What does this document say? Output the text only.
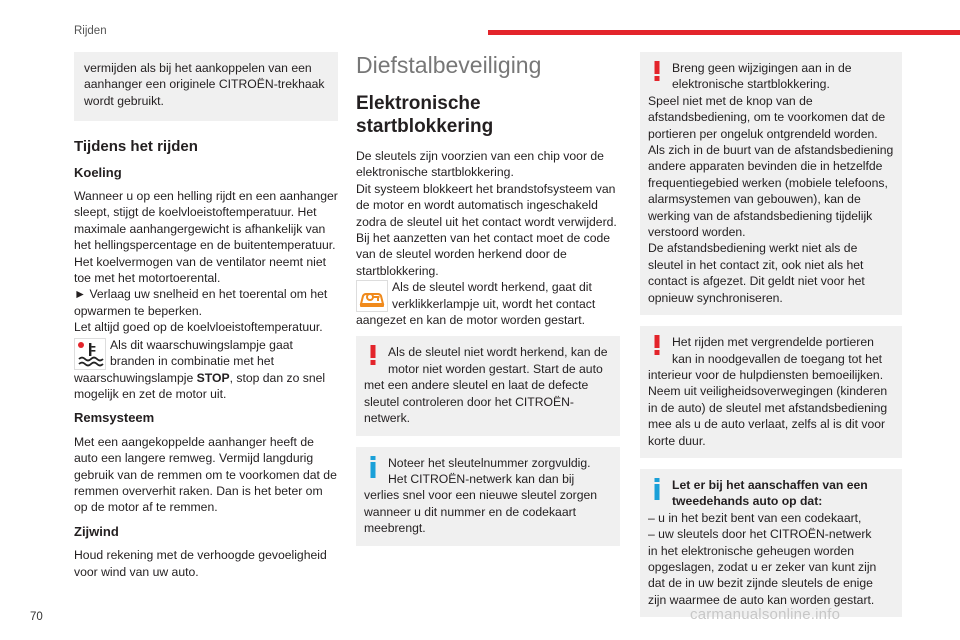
Rijden

vermijden als bij het aankoppelen van een aanhanger een originele CITROËN-trekhaak wordt gebruikt.

Tijdens het rijden
Koeling

Wanneer u op een helling rijdt en een aanhanger sleept, stijgt de koelvloeistoftemperatuur. Het maximale aanhangergewicht is afhankelijk van het hellingspercentage en de buitentemperatuur. Het koelvermogen van de ventilator neemt niet toe met het motortoerental.

► Verlaag uw snelheid en het toerental om het opwarmen te beperken.

Let altijd goed op de koelvloeistoftemperatuur.

Als dit waarschuwingslampje gaat
branden in combinatie met het

waarschuwingslampje STOP, stop dan zo snel mogelijk en zet de motor uit.

Remsysteem

Met een aangekoppelde aanhanger heeft de auto een langere remweg. Vermijd langdurig gebruik van de remmen om te voorkomen dat de remmen oververhit raken. Dan is het beter om op de motor af te remmen.

Zijwind

Houd rekening met de verhoogde gevoeligheid voor wind van uw auto.

Diefstalbeveiliging
Elektronische startblokkering

De sleutels zijn voorzien van een chip voor de elektronische startblokkering.

Dit systeem blokkeert het brandstofsysteem van de motor en wordt automatisch ingeschakeld zodra de sleutel uit het contact wordt verwijderd.

Bij het aanzetten van het contact moet de code van de sleutel worden herkend door de startblokkering.

Als de sleutel wordt herkend, gaat dit
verklikkerlampje uit, wordt het contact

aangezet en kan de motor worden gestart.

Als de sleutel niet wordt herkend, kan de motor niet worden gestart. Start de auto

met een andere sleutel en laat de defecte sleutel controleren door het CITROËN-netwerk.

Noteer het sleutelnummer zorgvuldig. Het CITROËN-netwerk kan dan bij

verlies snel voor een nieuwe sleutel zorgen wanneer u dit nummer en de codekaart meebrengt.

Breng geen wijzigingen aan in de elektronische startblokkering.

Speel niet met de knop van de afstandsbediening, om te voorkomen dat de portieren per ongeluk ontgrendeld worden.

Als zich in de buurt van de afstandsbediening andere apparaten bevinden die in hetzelfde frequentiegebied werken (mobiele telefoons, alarmsystemen van gebouwen), kan de werking van de afstandsbediening tijdelijk verstoord worden.

De afstandsbediening werkt niet als de sleutel in het contact zit, ook niet als het contact is afgezet. Dit geldt niet voor het opnieuw synchroniseren.

Het rijden met vergrendelde portieren kan in noodgevallen de toegang tot het

interieur voor de hulpdiensten bemoeilijken. Neem uit veiligheidsoverwegingen (kinderen in de auto) de sleutel met afstandsbediening mee als u de auto verlaat, zelfs al is dit voor korte duur.

Let er bij het aanschaffen van een tweedehands auto op dat:

– u in het bezit bent van een codekaart,

– uw sleutels door het CITROËN-netwerk

in het elektronische geheugen worden opgeslagen, zodat u er zeker van kunt zijn dat de in uw bezit zijnde sleutels de enige zijn waarmee de auto kan worden gestart.

70	carmanualsonline.info
